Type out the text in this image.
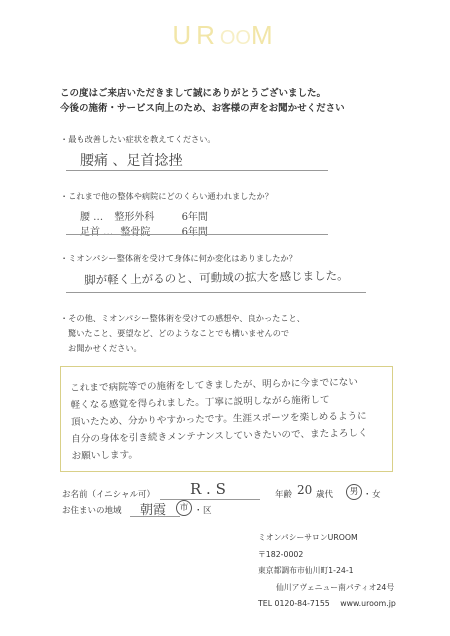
UROOM
この度はご来店いただきまして誠にありがとうございました。
今後の施術・サービス向上のため、お客様の声をお聞かせください
・最も改善したい症状を教えてください。
腰痛 、足首捻挫
・これまで他の整体や病院にどのくらい通われましたか？
腰 … 整形外科	6年間
足首 … 整骨院	6年間
・ミオンパシー整体術を受けて身体に何か変化はありましたか？
脚が軽く上がるのと、可動域の拡大を感じました。
・その他、ミオンパシー整体術を受けての感想や、良かったこと、
驚いたこと、要望など、どのようなことでも構いませんので
お聞かせください。
これまで病院等での施術をしてきましたが、明らかに今までにない
軽くなる感覚を得られました。丁寧に説明しながら施術して
頂いたため、分かりやすかったです。生涯スポーツを楽しめるように
自分の身体を引き続きメンテナンスしていきたいので、またよろしく
お願いします。
お名前（イニシャル可） R . S	年齢 20 歳代	男 ・ 女
お住まいの地域 朝霞	市 ・ 区
ミオンパシーサロンUROOM
〒182-0002
東京都調布市仙川町1-24-1
仙川アヴェニュー南パティオ24号
TEL 0120-84-7155 www.uroom.jp
